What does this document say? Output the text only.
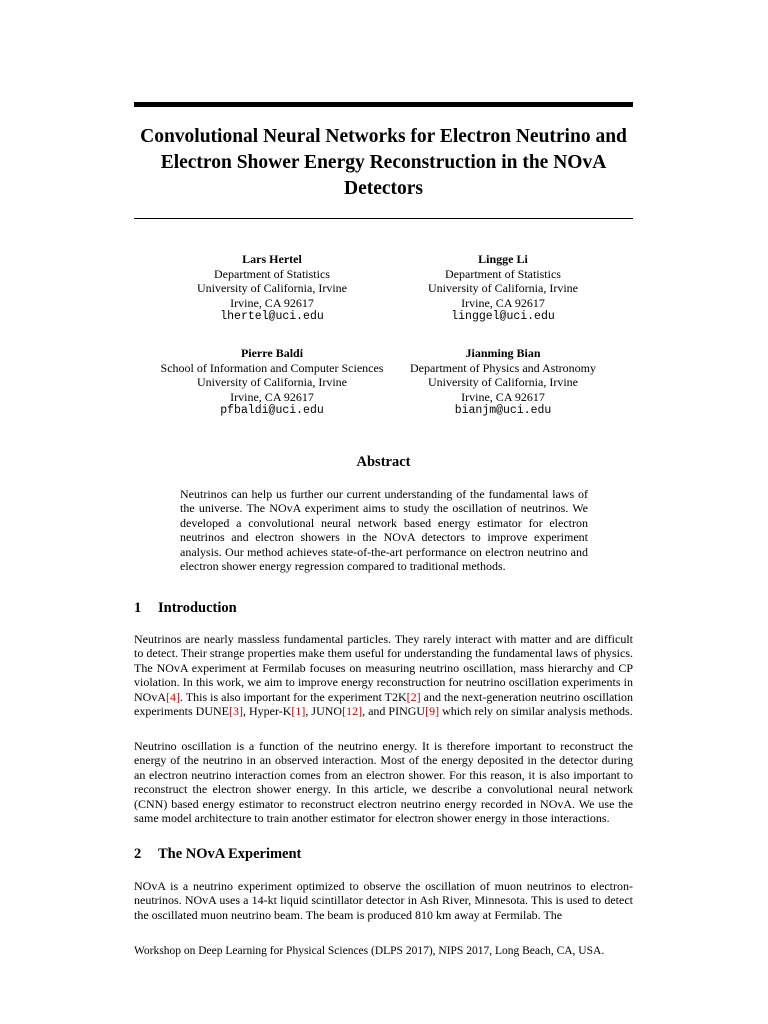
Convolutional Neural Networks for Electron Neutrino and Electron Shower Energy Reconstruction in the NOvA Detectors
Lars Hertel
Department of Statistics
University of California, Irvine
Irvine, CA 92617
lhertel@uci.edu
Lingge Li
Department of Statistics
University of California, Irvine
Irvine, CA 92617
linggel@uci.edu
Pierre Baldi
School of Information and Computer Sciences
University of California, Irvine
Irvine, CA 92617
pfbaldi@uci.edu
Jianming Bian
Department of Physics and Astronomy
University of California, Irvine
Irvine, CA 92617
bianjm@uci.edu
Abstract
Neutrinos can help us further our current understanding of the fundamental laws of the universe. The NOvA experiment aims to study the oscillation of neutrinos. We developed a convolutional neural network based energy estimator for electron neutrinos and electron showers in the NOvA detectors to improve experiment analysis. Our method achieves state-of-the-art performance on electron neutrino and electron shower energy regression compared to traditional methods.
1 Introduction
Neutrinos are nearly massless fundamental particles. They rarely interact with matter and are difficult to detect. Their strange properties make them useful for understanding the fundamental laws of physics. The NOvA experiment at Fermilab focuses on measuring neutrino oscillation, mass hierarchy and CP violation. In this work, we aim to improve energy reconstruction for neutrino oscillation experiments in NOvA[4]. This is also important for the experiment T2K[2] and the next-generation neutrino oscillation experiments DUNE[3], Hyper-K[1], JUNO[12], and PINGU[9] which rely on similar analysis methods.
Neutrino oscillation is a function of the neutrino energy. It is therefore important to reconstruct the energy of the neutrino in an observed interaction. Most of the energy deposited in the detector during an electron neutrino interaction comes from an electron shower. For this reason, it is also important to reconstruct the electron shower energy. In this article, we describe a convolutional neural network (CNN) based energy estimator to reconstruct electron neutrino energy recorded in NOvA. We use the same model architecture to train another estimator for electron shower energy in those interactions.
2 The NOvA Experiment
NOvA is a neutrino experiment optimized to observe the oscillation of muon neutrinos to electron-neutrinos. NOvA uses a 14-kt liquid scintillator detector in Ash River, Minnesota. This is used to detect the oscillated muon neutrino beam. The beam is produced 810 km away at Fermilab. The
Workshop on Deep Learning for Physical Sciences (DLPS 2017), NIPS 2017, Long Beach, CA, USA.
